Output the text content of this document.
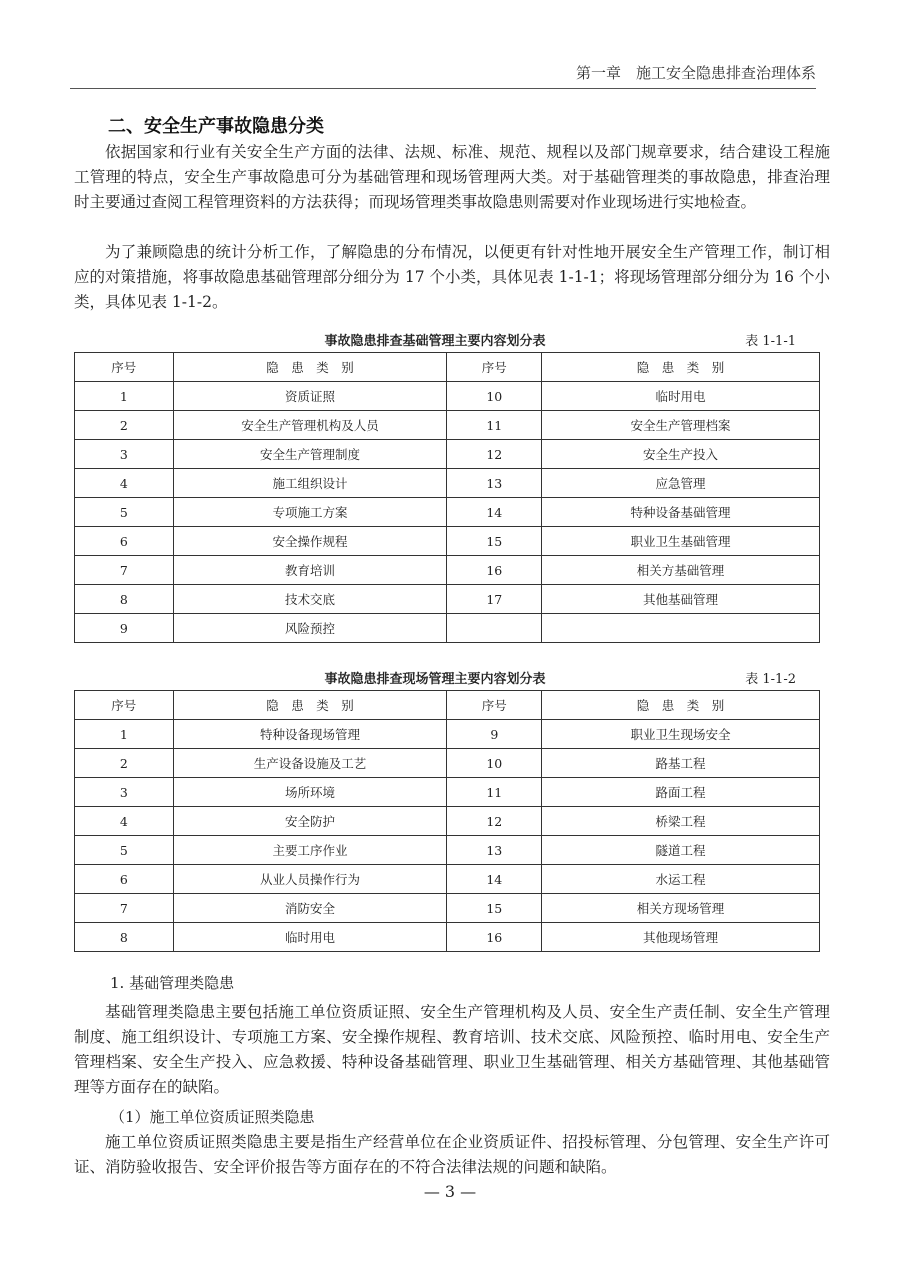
第一章　施工安全隐患排查治理体系
二、安全生产事故隐患分类

依据国家和行业有关安全生产方面的法律、法规、标准、规范、规程以及部门规章要求，结合建设工程施工管理的特点，安全生产事故隐患可分为基础管理和现场管理两大类。对于基础管理类的事故隐患，排查治理时主要通过查阅工程管理资料的方法获得；而现场管理类事故隐患则需要对作业现场进行实地检查。

为了兼顾隐患的统计分析工作，了解隐患的分布情况，以便更有针对性地开展安全生产管理工作，制订相应的对策措施，将事故隐患基础管理部分细分为 17 个小类，具体见表 1-1-1；将现场管理部分细分为 16 个小类，具体见表 1-1-2。

事故隐患排查基础管理主要内容划分表	表 1-1-1
序号	隐　患　类　别	序号	隐　患　类　别
1	资质证照	10	临时用电
2	安全生产管理机构及人员	11	安全生产管理档案
3	安全生产管理制度	12	安全生产投入
4	施工组织设计	13	应急管理
5	专项施工方案	14	特种设备基础管理
6	安全操作规程	15	职业卫生基础管理
7	教育培训	16	相关方基础管理
8	技术交底	17	其他基础管理
9	风险预控		
事故隐患排查现场管理主要内容划分表	表 1-1-2
序号	隐　患　类　别	序号	隐　患　类　别
1	特种设备现场管理	9	职业卫生现场安全
2	生产设备设施及工艺	10	路基工程
3	场所环境	11	路面工程
4	安全防护	12	桥梁工程
5	主要工序作业	13	隧道工程
6	从业人员操作行为	14	水运工程
7	消防安全	15	相关方现场管理
8	临时用电	16	其他现场管理

1. 基础管理类隐患

基础管理类隐患主要包括施工单位资质证照、安全生产管理机构及人员、安全生产责任制、安全生产管理制度、施工组织设计、专项施工方案、安全操作规程、教育培训、技术交底、风险预控、临时用电、安全生产管理档案、安全生产投入、应急救援、特种设备基础管理、职业卫生基础管理、相关方基础管理、其他基础管理等方面存在的缺陷。

（1）施工单位资质证照类隐患

施工单位资质证照类隐患主要是指生产经营单位在企业资质证件、招投标管理、分包管理、安全生产许可证、消防验收报告、安全评价报告等方面存在的不符合法律法规的问题和缺陷。

— 3 —
